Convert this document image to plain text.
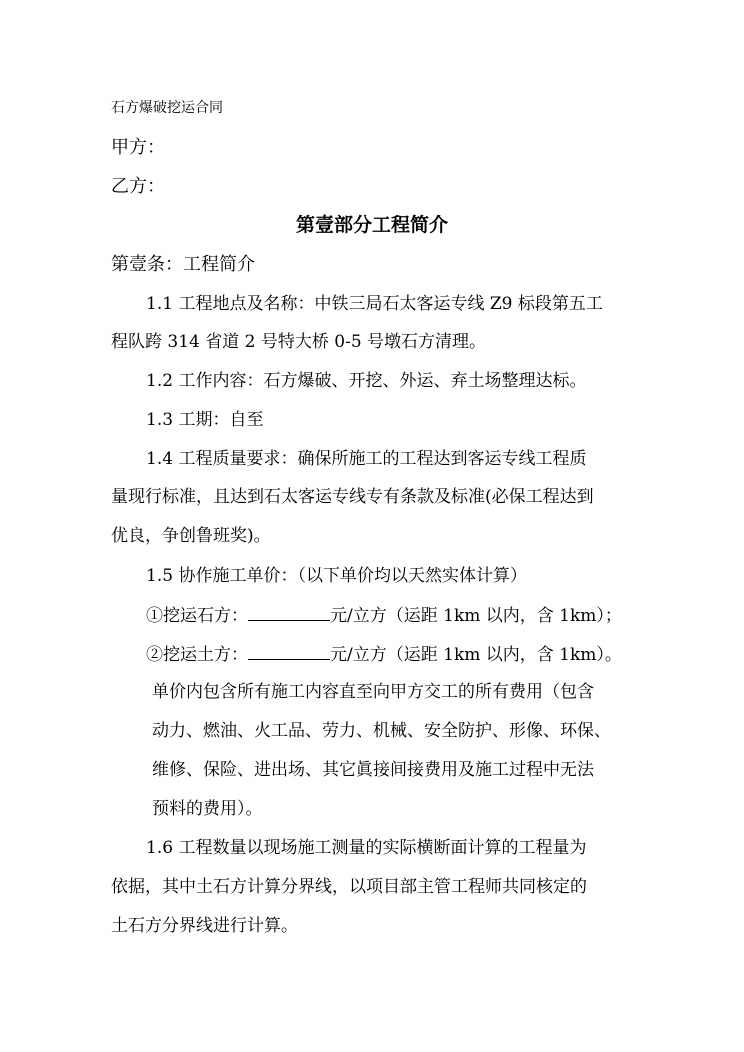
石方爆破挖运合同
甲方：
乙方：
第壹部分工程简介
第壹条：工程简介
1.1 工程地点及名称：中铁三局石太客运专线 Z9 标段第五工
程队跨 314 省道 2 号特大桥 0-5 号墩石方清理。
1.2 工作内容：石方爆破、开挖、外运、弃土场整理达标。
1.3 工期：自至
1.4 工程质量要求：确保所施工的工程达到客运专线工程质
量现行标准，且达到石太客运专线专有条款及标准(必保工程达到
优良，争创鲁班奖)。
1.5 协作施工单价：（以下单价均以天然实体计算）
①挖运石方：	元/立方（运距 1km 以内，含 1km）；
②挖运土方：	元/立方（运距 1km 以内，含 1km）。
单价内包含所有施工内容直至向甲方交工的所有费用（包含
动力、燃油、火工品、劳力、机械、安全防护、形像、环保、
维修、保险、进出场、其它眞接间接费用及施工过程中无法
预料的费用）。
1.6 工程数量以现场施工测量的实际横断面计算的工程量为
依据，其中土石方计算分界线，以项目部主管工程师共同核定的
土石方分界线进行计算。
